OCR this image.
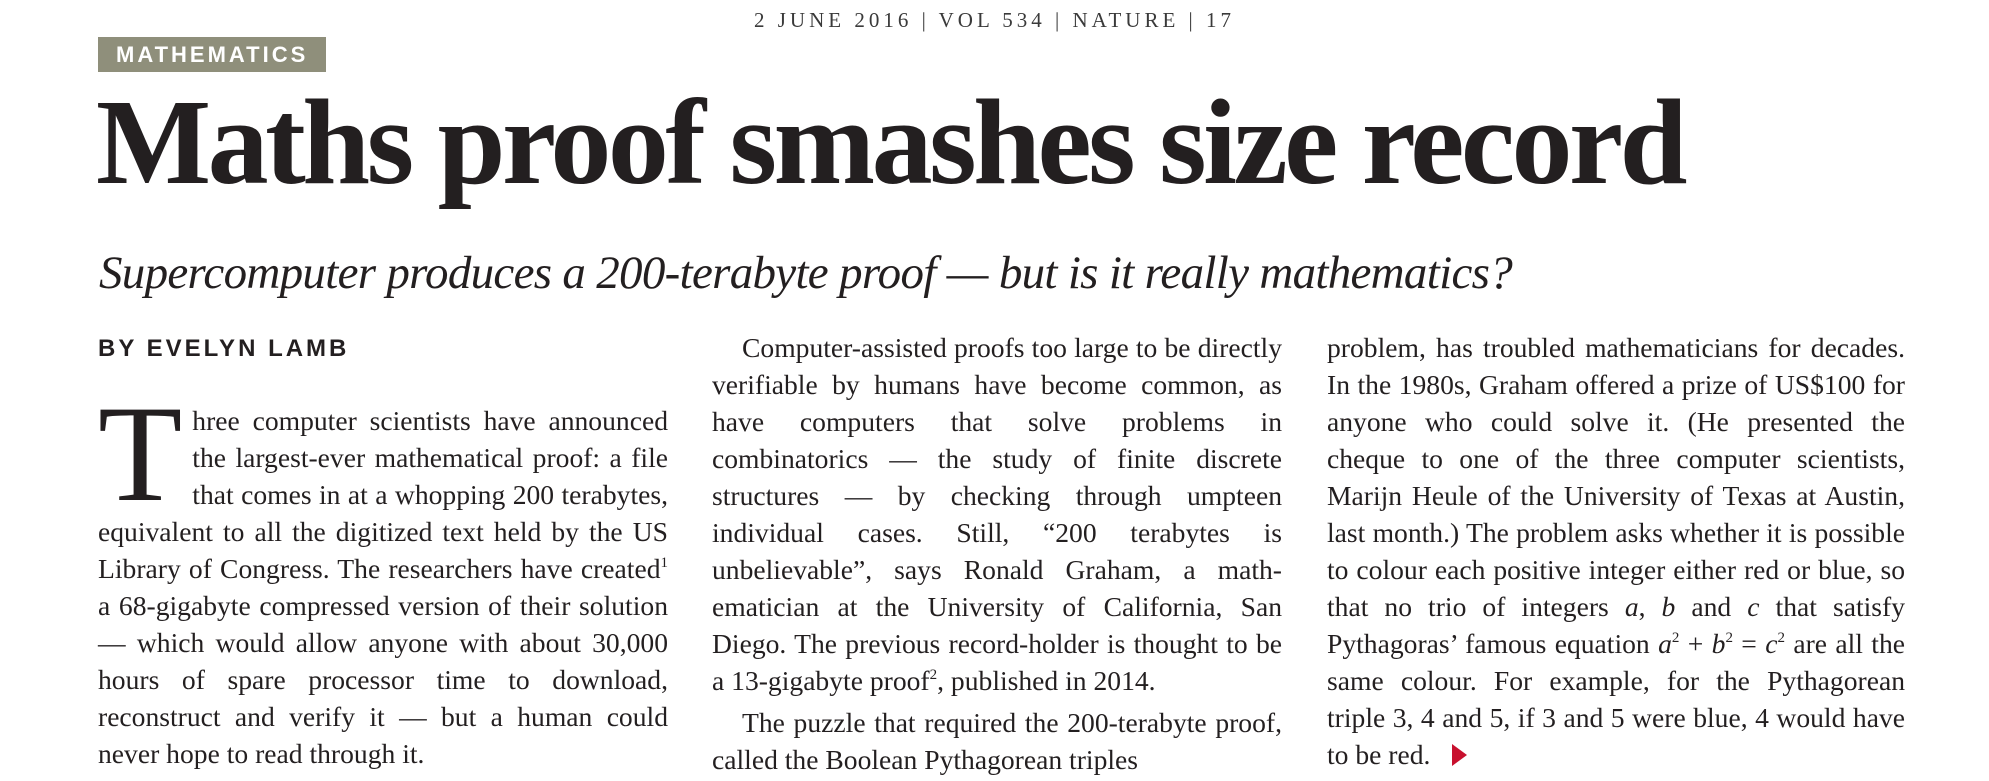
2 JUNE 2016 | VOL 534 | NATURE | 17
MATHEMATICS
Maths proof smashes size record

Supercomputer produces a 200-terabyte proof — but is it really mathematics?

BY EVELYN LAMB

Three computer scientists have announced the largest-ever mathematical proof: a file that comes in at a whopping 200 terabytes, equivalent to all the digitized text held by the US Library of Congress. The researchers have created$^1$ a 68-gigabyte compressed version of their solution — which would allow anyone with about 30,000 hours of spare processor time to download, reconstruct and verify it — but a human could never hope to read through it.

Computer-assisted proofs too large to be directly verifiable by humans have become common, as have computers that solve problems in combinatorics — the study of finite discrete structures — by checking through umpteen individual cases. Still, “200 terabytes is unbelievable”, says Ronald Graham, a mathematician at the University of California, San Diego. The previous record-holder is thought to be a 13-gigabyte proof$^2$, published in 2014.

The puzzle that required the 200-terabyte proof, called the Boolean Pythagorean triples

problem, has troubled mathematicians for decades. In the 1980s, Graham offered a prize of US$100 for anyone who could solve it. (He presented the cheque to one of the three computer scientists, Marijn Heule of the University of Texas at Austin, last month.) The problem asks whether it is possible to colour each positive integer either red or blue, so that no trio of integers a, b and c that satisfy Pythagoras’ famous equation $a^2 + b^2 = c^2$ are all the same colour. For example, for the Pythagorean triple 3, 4 and 5, if 3 and 5 were blue, 4 would have to be red.
